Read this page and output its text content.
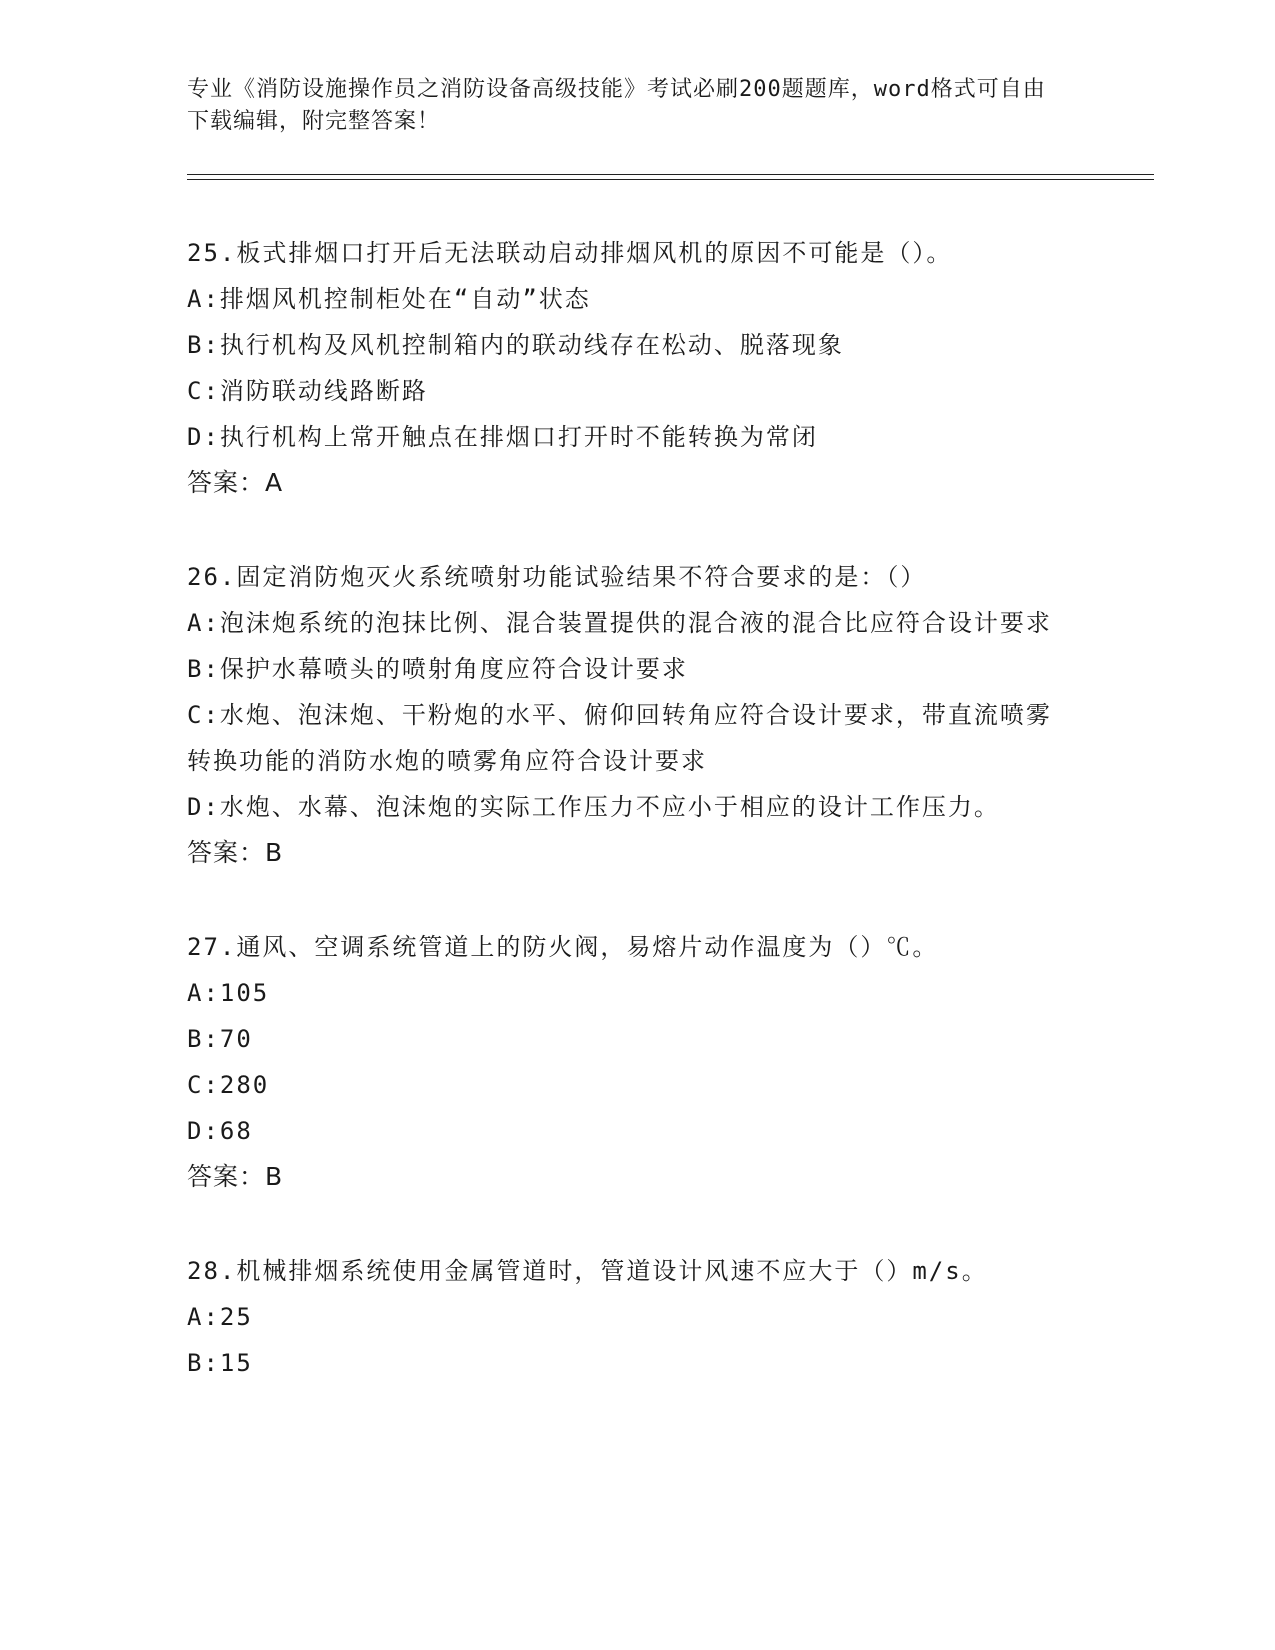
专业《消防设施操作员之消防设备高级技能》考试必刷200题题库，word格式可自由下载编辑，附完整答案！
25.板式排烟口打开后无法联动启动排烟风机的原因不可能是（）。
A:排烟风机控制柜处在“自动”状态
B:执行机构及风机控制箱内的联动线存在松动、脱落现象
C:消防联动线路断路
D:执行机构上常开触点在排烟口打开时不能转换为常闭
答案：A
26.固定消防炮灭火系统喷射功能试验结果不符合要求的是：（）
A:泡沫炮系统的泡抹比例、混合装置提供的混合液的混合比应符合设计要求
B:保护水幕喷头的喷射角度应符合设计要求
C:水炮、泡沫炮、干粉炮的水平、俯仰回转角应符合设计要求，带直流喷雾转换功能的消防水炮的喷雾角应符合设计要求
D:水炮、水幕、泡沫炮的实际工作压力不应小于相应的设计工作压力。
答案：B
27.通风、空调系统管道上的防火阀，易熔片动作温度为（）℃。
A:105
B:70
C:280
D:68
答案：B
28.机械排烟系统使用金属管道时，管道设计风速不应大于（）m/s。
A:25
B:15
